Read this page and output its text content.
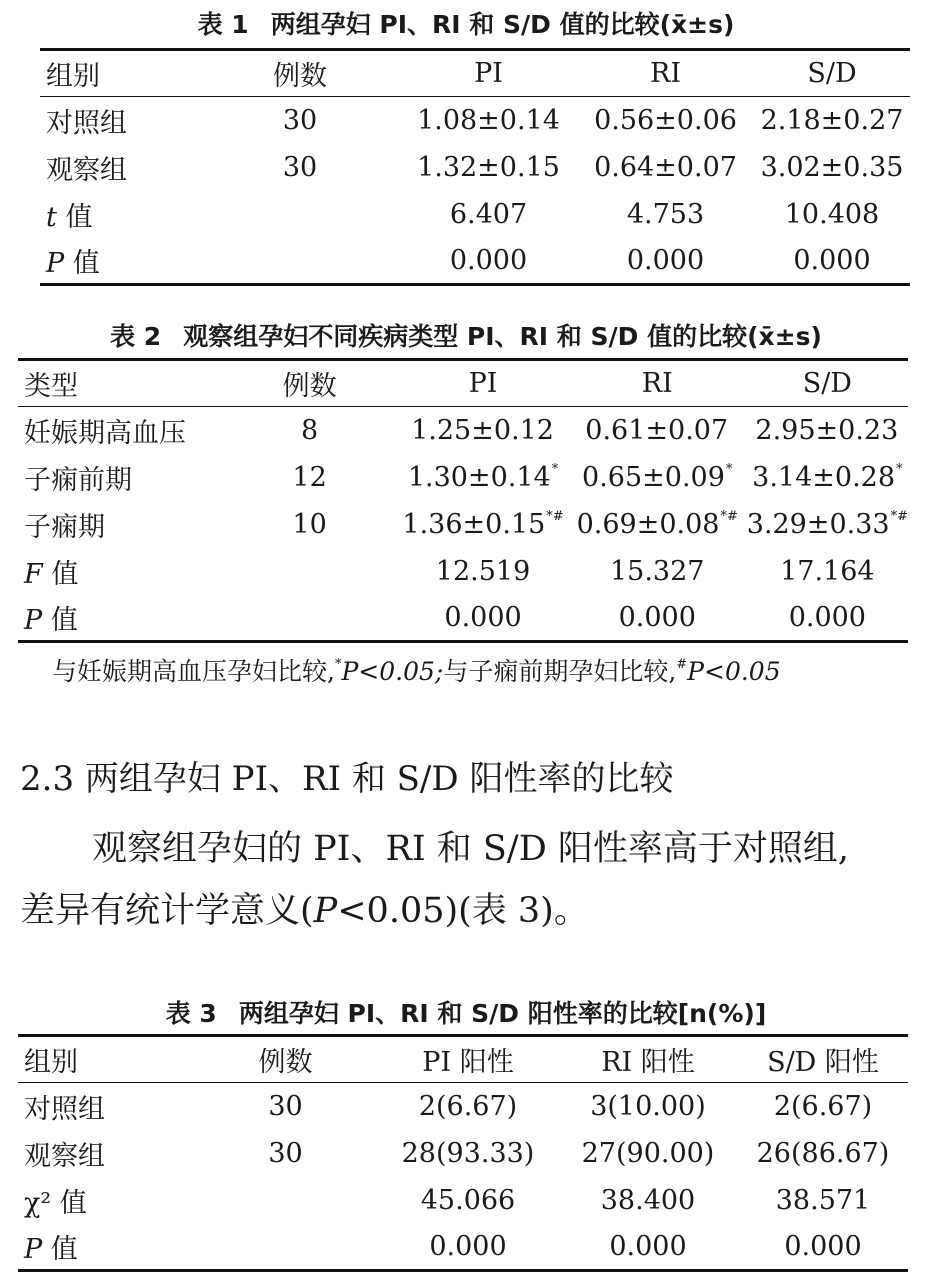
表 1 两组孕妇 PI、RI 和 S/D 值的比较(x̄±s)
组别	例数	PI	RI	S/D
对照组	30	1.08±0.14	0.56±0.06	2.18±0.27
观察组	30	1.32±0.15	0.64±0.07	3.02±0.35
t 值		6.407	4.753	10.408
P 值		0.000	0.000	0.000
表 2 观察组孕妇不同疾病类型 PI、RI 和 S/D 值的比较(x̄±s)
类型	例数	PI	RI	S/D
妊娠期高血压	8	1.25±0.12	0.61±0.07	2.95±0.23
子痫前期	12	1.30±0.14*	0.65±0.09*	3.14±0.28*
子痫期	10	1.36±0.15*#	0.69±0.08*#	3.29±0.33*#
F 值		12.519	15.327	17.164
P 值		0.000	0.000	0.000
与妊娠期高血压孕妇比较,*P<0.05;与子痫前期孕妇比较,#P<0.05
2.3 两组孕妇 PI、RI 和 S/D 阳性率的比较
观察组孕妇的 PI、RI 和 S/D 阳性率高于对照组,
差异有统计学意义(P<0.05)(表 3)。
表 3 两组孕妇 PI、RI 和 S/D 阳性率的比较[n(%)]
组别	例数	PI 阳性	RI 阳性	S/D 阳性
对照组	30	2(6.67)	3(10.00)	2(6.67)
观察组	30	28(93.33)	27(90.00)	26(86.67)
χ² 值		45.066	38.400	38.571
P 值		0.000	0.000	0.000
